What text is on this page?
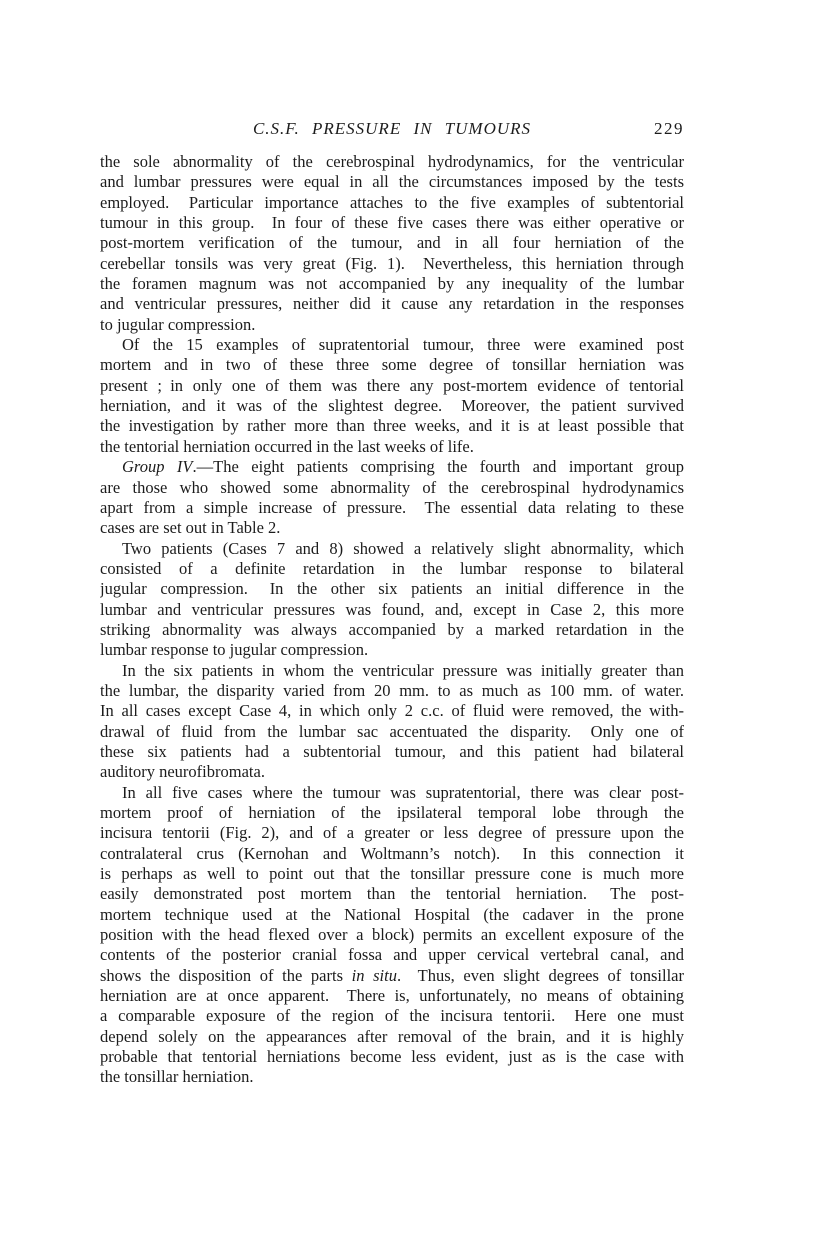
C.S.F. PRESSURE IN TUMOURS	229
the sole abnormality of the cerebrospinal hydrodynamics, for the ventricular
and lumbar pressures were equal in all the circumstances imposed by the tests
employed.  Particular importance attaches to the five examples of subtentorial
tumour in this group.  In four of these five cases there was either operative or
post-mortem verification of the tumour, and in all four herniation of the
cerebellar tonsils was very great (Fig. 1).  Nevertheless, this herniation through
the foramen magnum was not accompanied by any inequality of the lumbar
and ventricular pressures, neither did it cause any retardation in the responses
to jugular compression.
Of the 15 examples of supratentorial tumour, three were examined post
mortem and in two of these three some degree of tonsillar herniation was
present ; in only one of them was there any post-mortem evidence of tentorial
herniation, and it was of the slightest degree.  Moreover, the patient survived
the investigation by rather more than three weeks, and it is at least possible that
the tentorial herniation occurred in the last weeks of life.
Group IV.—The eight patients comprising the fourth and important group
are those who showed some abnormality of the cerebrospinal hydrodynamics
apart from a simple increase of pressure.  The essential data relating to these
cases are set out in Table 2.
Two patients (Cases 7 and 8) showed a relatively slight abnormality, which
consisted of a definite retardation in the lumbar response to bilateral
jugular compression.  In the other six patients an initial difference in the
lumbar and ventricular pressures was found, and, except in Case 2, this more
striking abnormality was always accompanied by a marked retardation in the
lumbar response to jugular compression.
In the six patients in whom the ventricular pressure was initially greater than
the lumbar, the disparity varied from 20 mm. to as much as 100 mm. of water.
In all cases except Case 4, in which only 2 c.c. of fluid were removed, the with-
drawal of fluid from the lumbar sac accentuated the disparity.  Only one of
these six patients had a subtentorial tumour, and this patient had bilateral
auditory neurofibromata.
In all five cases where the tumour was supratentorial, there was clear post-
mortem proof of herniation of the ipsilateral temporal lobe through the
incisura tentorii (Fig. 2), and of a greater or less degree of pressure upon the
contralateral crus (Kernohan and Woltmann’s notch).  In this connection it
is perhaps as well to point out that the tonsillar pressure cone is much more
easily demonstrated post mortem than the tentorial herniation.  The post-
mortem technique used at the National Hospital (the cadaver in the prone
position with the head flexed over a block) permits an excellent exposure of the
contents of the posterior cranial fossa and upper cervical vertebral canal, and
shows the disposition of the parts in situ.  Thus, even slight degrees of tonsillar
herniation are at once apparent.  There is, unfortunately, no means of obtaining
a comparable exposure of the region of the incisura tentorii.  Here one must
depend solely on the appearances after removal of the brain, and it is highly
probable that tentorial herniations become less evident, just as is the case with
the tonsillar herniation.
